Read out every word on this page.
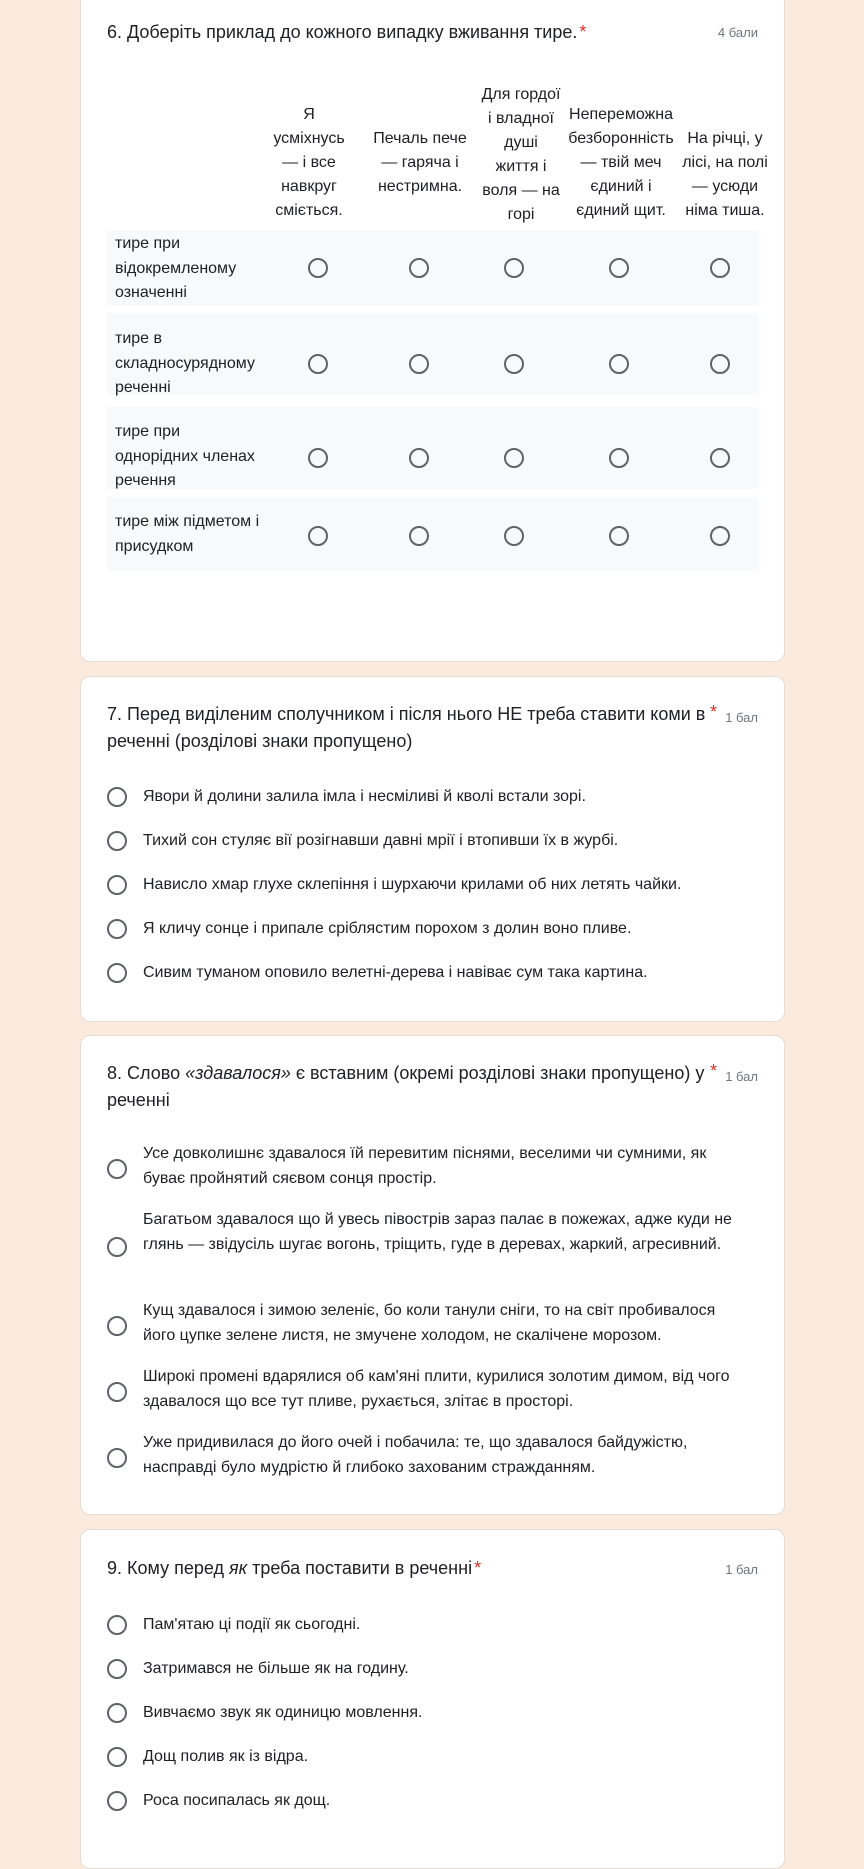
6. Доберіть приклад до кожного випадку вживання тире. *	4 бали
Я усміхнусь — і все навкруг сміється.
Печаль пече — гаряча і нестримна.
Для гордої і владної душі життя і воля — на горі
Непереможна безборонність — твій меч єдиний і єдиний щит.
На річці, у лісі, на полі — усюди німа тиша.
тире при відокремленому означенні
тире в складносурядному реченні
тире при однорідних членах речення
тире між підметом і присудком
7. Перед виділеним сполучником і після нього НЕ треба ставити коми в реченні (розділові знаки пропущено)
* 1 бал
Явори й долини залила імла і несміливі й кволі встали зорі.
Тихий сон стуляє вії розігнавши давні мрії і втопивши їх в журбі.
Нависло хмар глухе склепіння і шурхаючи крилами об них летять чайки.
Я кличу сонце і припале сріблястим порохом з долин воно пливе.
Сивим туманом оповило велетні-дерева і навіває сум така картина.
8. Слово «здавалося» є вставним (окремі розділові знаки пропущено) у реченні
* 1 бал
Усе довколишнє здавалося їй перевитим піснями, веселими чи сумними, як буває пройнятий сяєвом сонця простір.
Багатьом здавалося що й увесь півострів зараз палає в пожежах, адже куди не глянь — звідусіль шугає вогонь, тріщить, гуде в деревах, жаркий, агресивний.
Кущ здавалося і зимою зеленіє, бо коли танули сніги, то на світ пробивалося його цупке зелене листя, не змучене холодом, не скалічене морозом.
Широкі промені вдарялися об кам'яні плити, курилися золотим димом, від чого здавалося що все тут пливе, рухається, злітає в просторі.
Уже придивилася до його очей і побачила: те, що здавалося байдужістю, насправді було мудрістю й глибоко захованим стражданням.
9. Кому перед як треба поставити в реченні *	1 бал
Пам'ятаю ці події як сьогодні.
Затримався не більше як на годину.
Вивчаємо звук як одиницю мовлення.
Дощ полив як із відра.
Роса посипалась як дощ.
